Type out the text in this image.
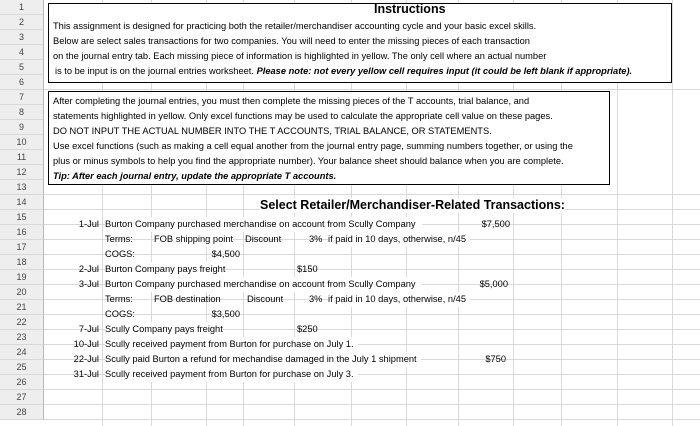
1
2
3
4
5
6
7
8
9
10
11
12
13
14
15
16
17
18
19
20
21
22
23
24
25
26
27
28
Instructions
This assignment is designed for practicing both the retailer/merchandiser accounting cycle and your basic excel skills.
Below are select sales transactions for two companies. You will need to enter the missing pieces of each transaction
on the journal entry tab. Each missing piece of information is highlighted in yellow. The only cell where an actual number
is to be input is on the journal entries worksheet. Please note: not every yellow cell requires input (it could be left blank if appropriate).
After completing the journal entries, you must then complete the missing pieces of the T accounts, trial balance, and
statements highlighted in yellow. Only excel functions may be used to calculate the appropriate cell value on these pages.
DO NOT INPUT THE ACTUAL NUMBER INTO THE T ACCOUNTS, TRIAL BALANCE, OR STATEMENTS.
Use excel functions (such as making a cell equal another from the journal entry page, summing numbers together, or using the
plus or minus symbols to help you find the appropriate number). Your balance sheet should balance when you are complete.
Tip: After each journal entry, update the appropriate T accounts.
Select Retailer/Merchandiser-Related Transactions:
1-Jul Burton Company purchased merchandise on account from Scully Company	$7,500
Terms: FOB shipping point Discount	3% if paid in 10 days, otherwise, n/45
COGS:	$4,500
2-Jul Burton Company pays freight	$150
3-Jul Burton Company purchased merchandise on account from Scully Company	$5,000
Terms: FOB destination	Discount	3% if paid in 10 days, otherwise, n/45
COGS:	$3,500
7-Jul Scully Company pays freight	$250
10-Jul Scully received payment from Burton for purchase on July 1.
22-Jul Scully paid Burton a refund for mechandise damaged in the July 1 shipment	$750
31-Jul Scully received payment from Burton for purchase on July 3.
